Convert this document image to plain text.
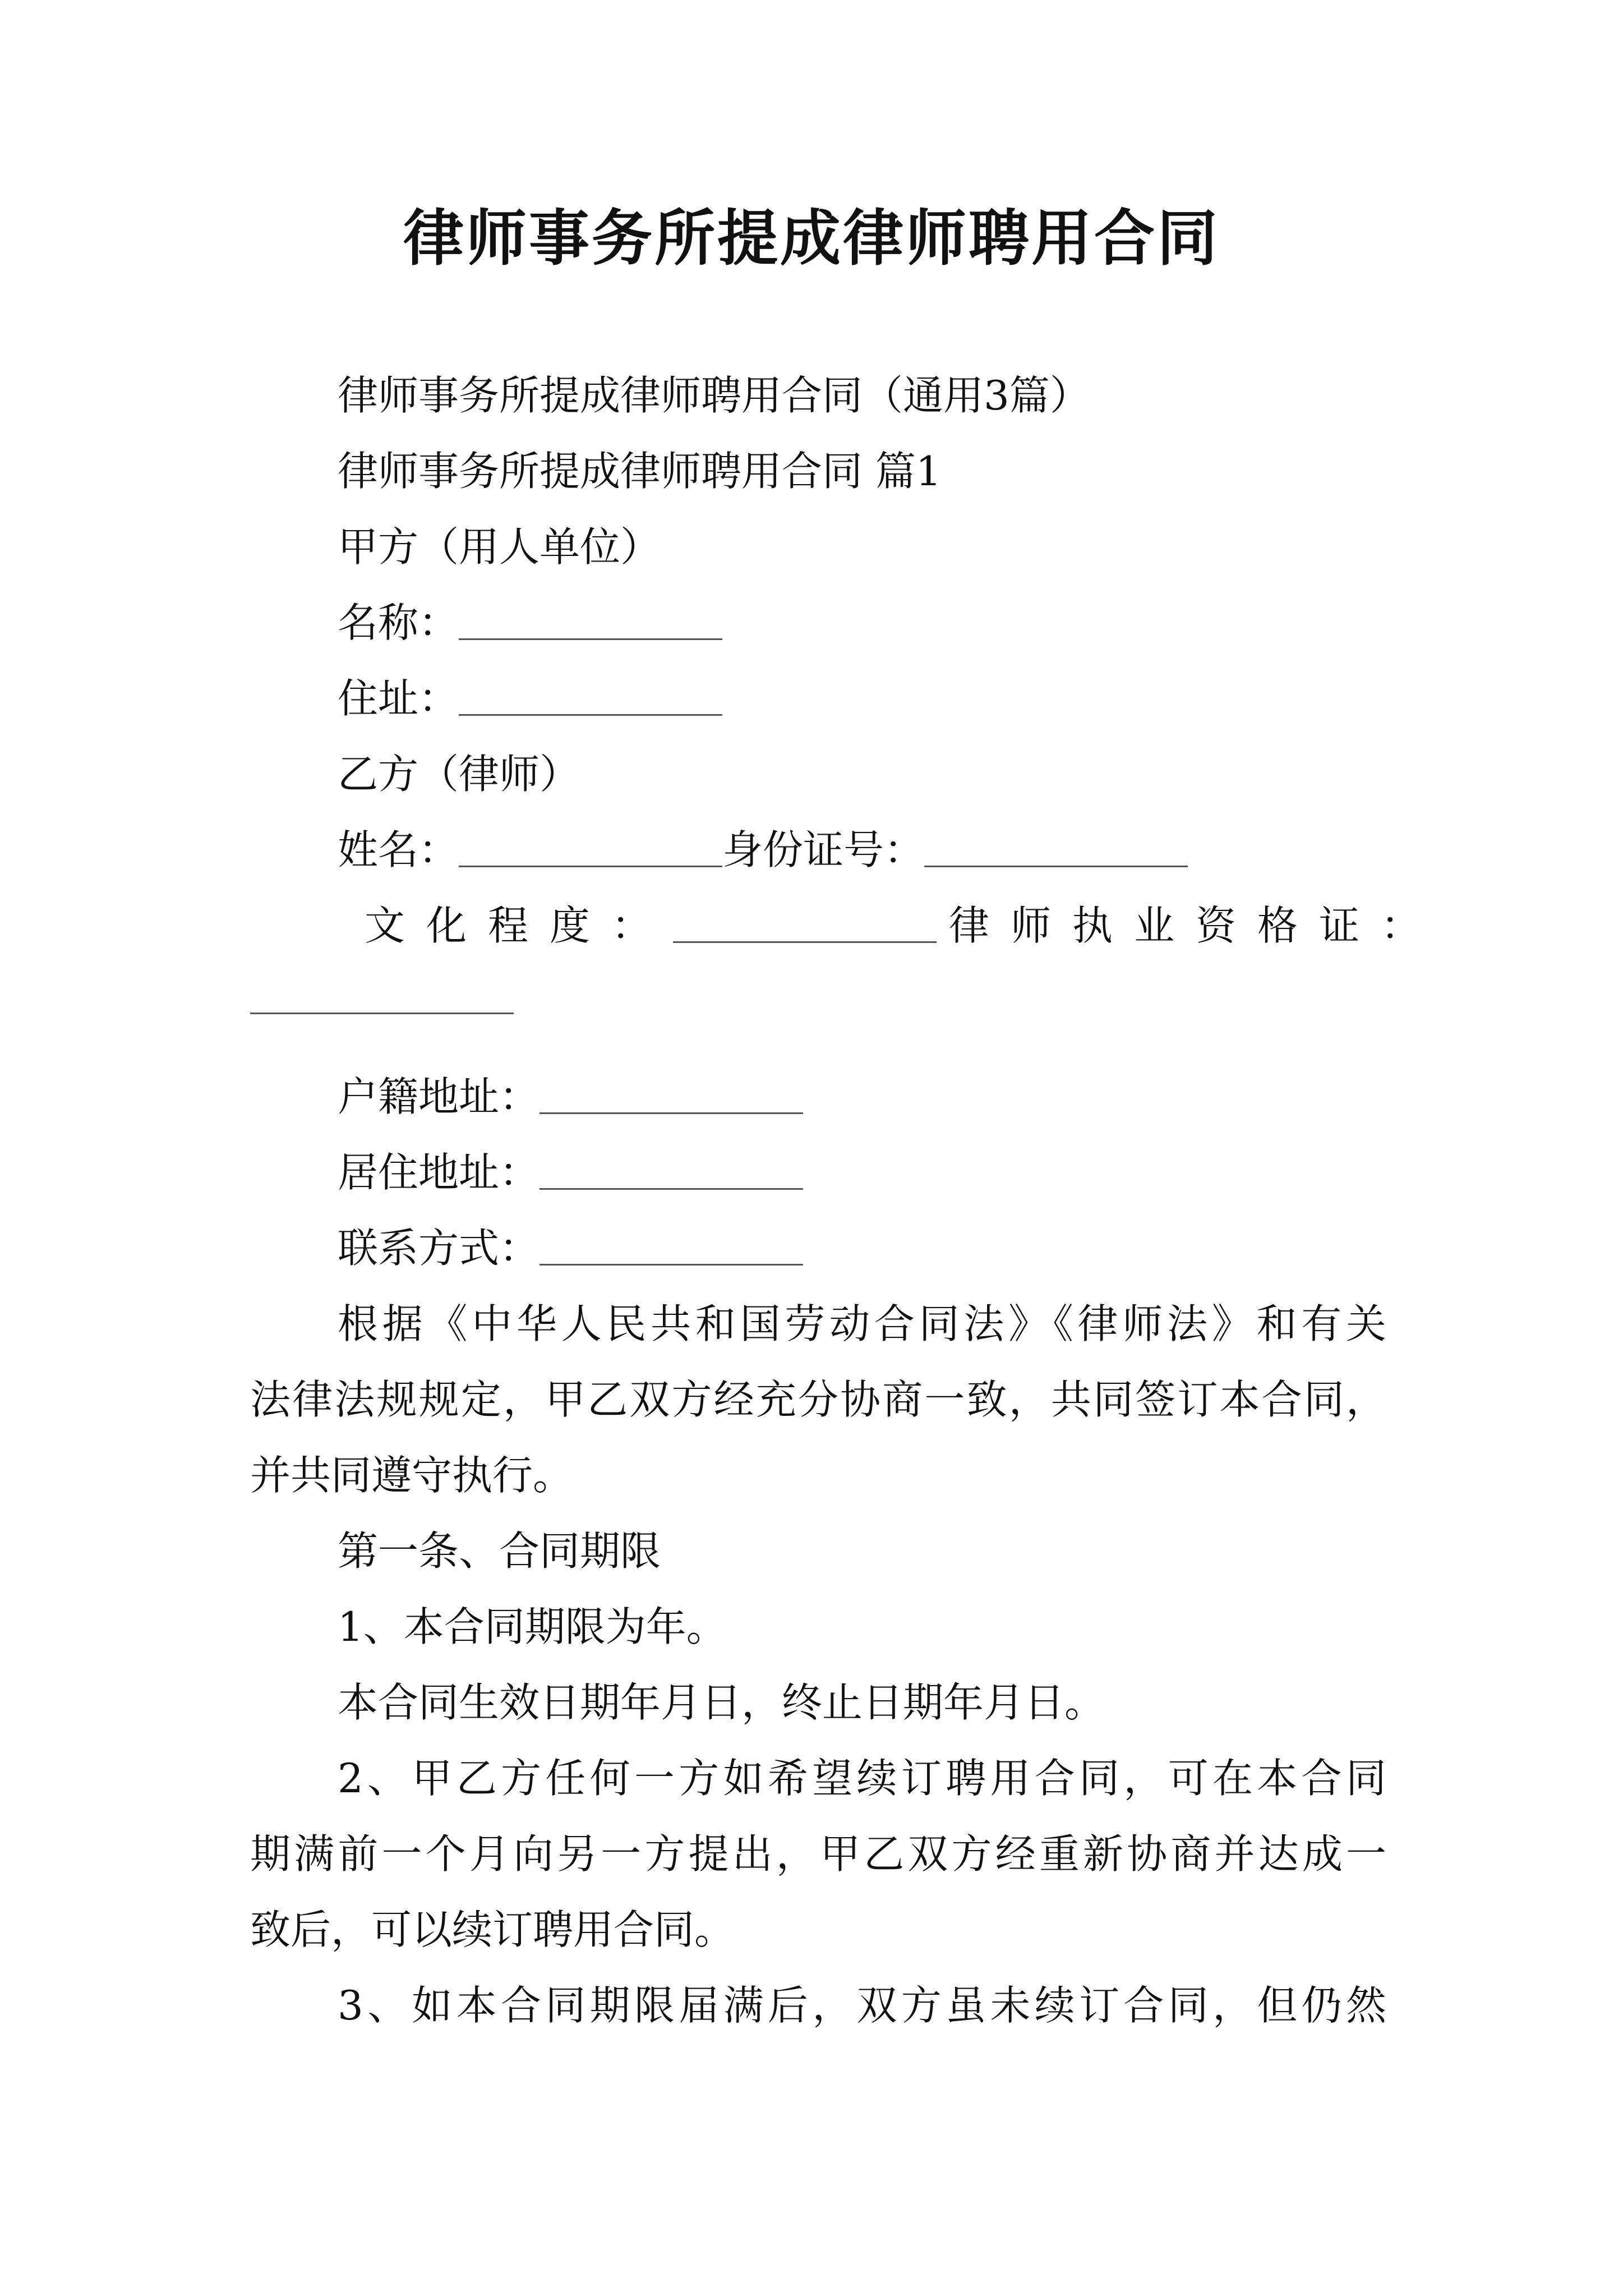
律师事务所提成律师聘用合同
律师事务所提成律师聘用合同（通用3篇）
律师事务所提成律师聘用合同 篇1
甲方（用人单位）
名称：
住址：
乙方（律师）
姓名：	身份证号：
文化程度：	律师执业资格证：
户籍地址：
居住地址：
联系方式：
根据《中华人民共和国劳动合同法》《律师法》和有关
法律法规规定，甲乙双方经充分协商一致，共同签订本合同，
并共同遵守执行。
第一条、合同期限
1、本合同期限为年。
本合同生效日期年月日，终止日期年月日。
2、甲乙方任何一方如希望续订聘用合同，可在本合同
期满前一个月向另一方提出，甲乙双方经重新协商并达成一
致后，可以续订聘用合同。
3、如本合同期限届满后，双方虽未续订合同，但仍然
